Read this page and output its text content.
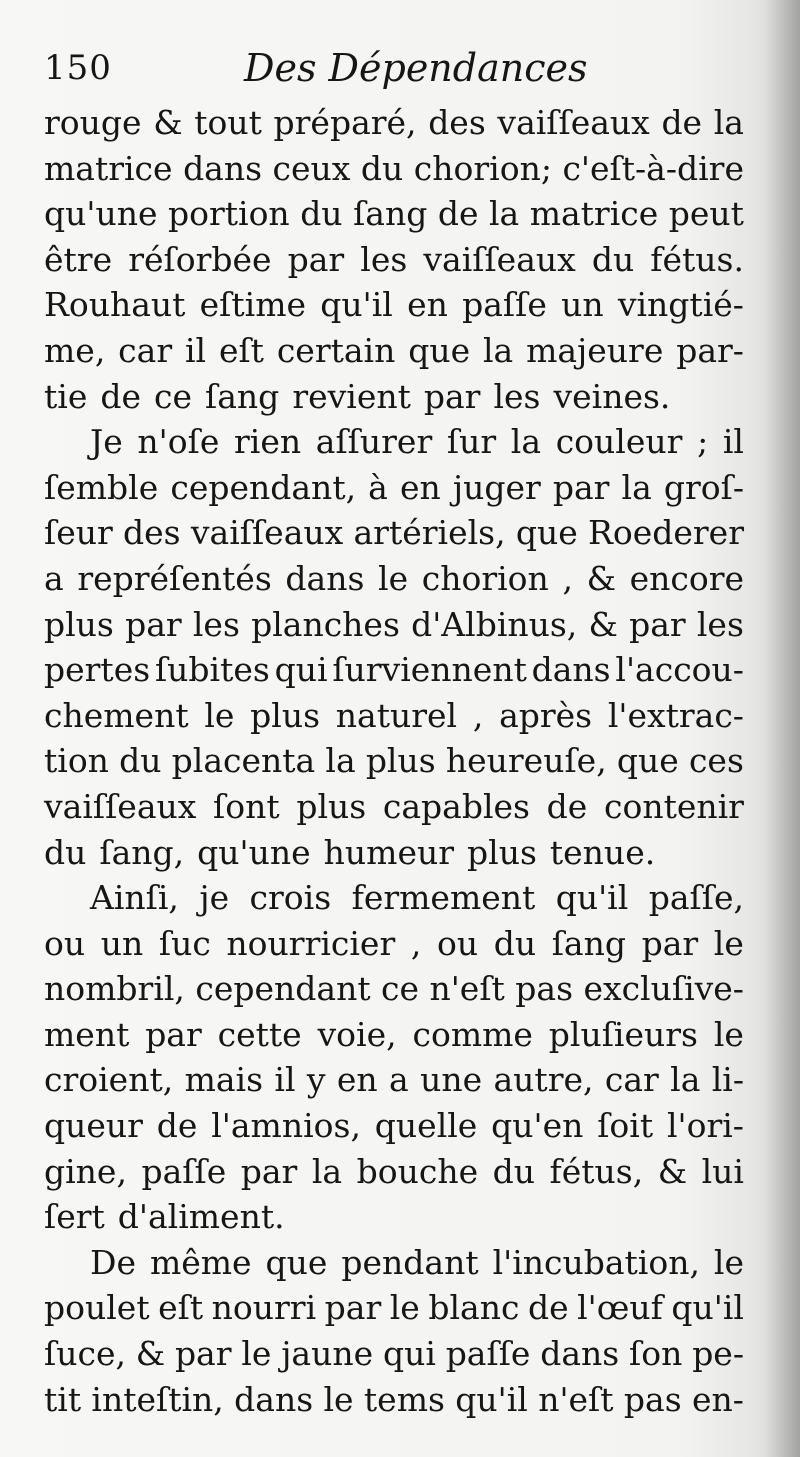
150	Des Dépendances
rouge & tout préparé, des vaiſſeaux de la
matrice dans ceux du chorion; c'eſt-à-dire
qu'une portion du ſang de la matrice peut
être réſorbée par les vaiſſeaux du fétus.
Rouhaut eſtime qu'il en paſſe un vingtié-
me, car il eſt certain que la majeure par-
tie de ce ſang revient par les veines.
Je n'oſe rien aſſurer ſur la couleur ; il
ſemble cependant, à en juger par la groſ-
ſeur des vaiſſeaux artériels, que Roederer
a repréſentés dans le chorion , & encore
plus par les planches d'Albinus, & par les
pertes ſubites qui ſurviennent dans l'accou-
chement le plus naturel , après l'extrac-
tion du placenta la plus heureuſe, que ces
vaiſſeaux ſont plus capables de contenir
du ſang, qu'une humeur plus tenue.
Ainſi, je crois fermement qu'il paſſe,
ou un ſuc nourricier , ou du ſang par le
nombril, cependant ce n'eſt pas excluſive-
ment par cette voie, comme pluſieurs le
croient, mais il y en a une autre, car la li-
queur de l'amnios, quelle qu'en ſoit l'ori-
gine, paſſe par la bouche du fétus, & lui
ſert d'aliment.
De même que pendant l'incubation, le
poulet eſt nourri par le blanc de l'œuf qu'il
ſuce, & par le jaune qui paſſe dans ſon pe-
tit inteſtin, dans le tems qu'il n'eſt pas en-
